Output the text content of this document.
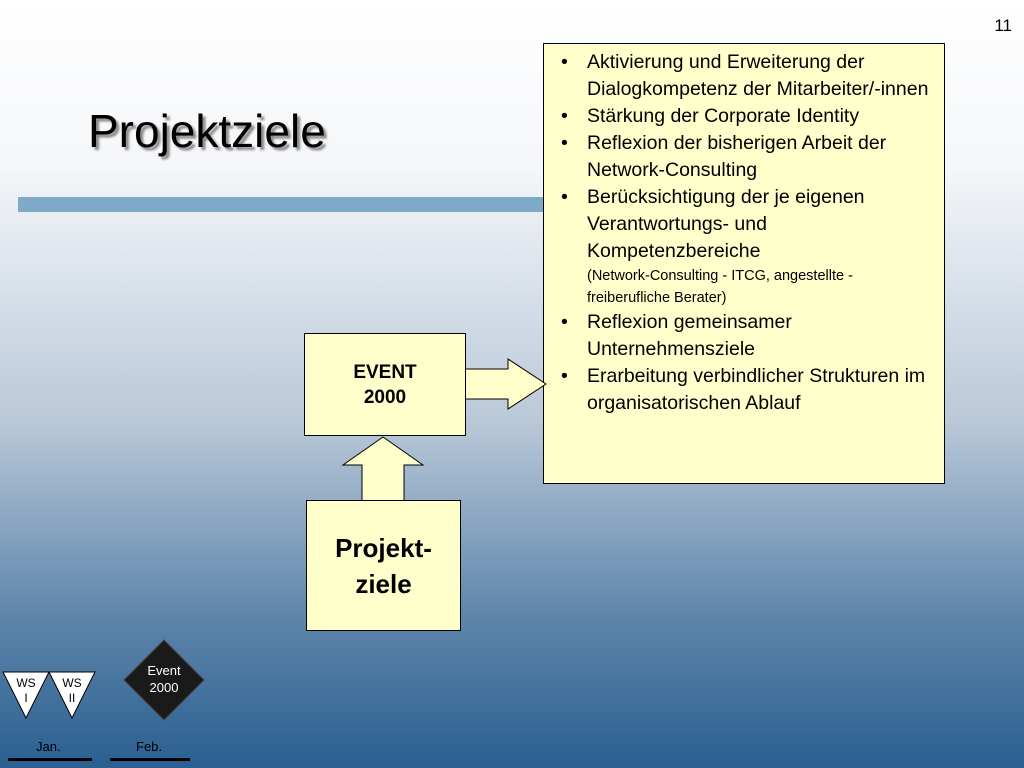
11
Projektziele
• Aktivierung und Erweiterung der Dialogkompetenz der Mitarbeiter/-innen
• Stärkung der Corporate Identity
• Reflexion der bisherigen Arbeit der Network-Consulting
• Berücksichtigung der je eigenen Verantwortungs- und Kompetenzbereiche
(Network-Consulting - ITCG, angestellte - freiberufliche Berater)
• Reflexion gemeinsamer Unternehmensziele
• Erarbeitung verbindlicher Strukturen im organisatorischen Ablauf
EVENT
2000
Projekt-
ziele
WS
I
WS
II
Event
2000
Jan.	Feb.
